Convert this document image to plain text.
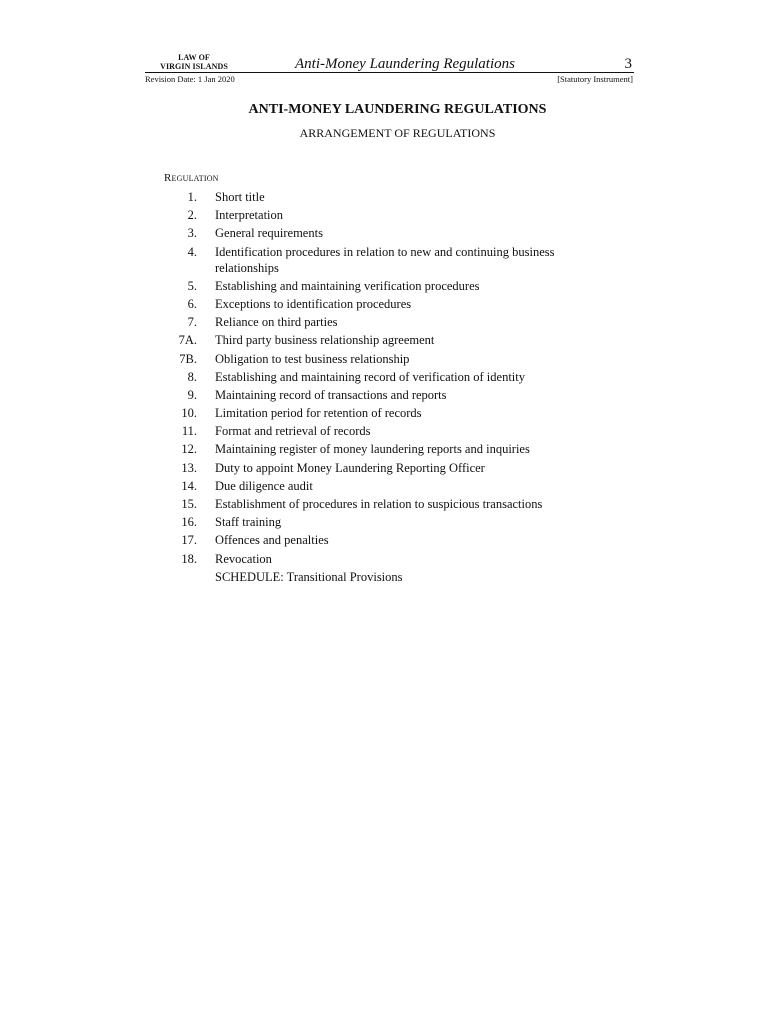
LAW OF
VIRGIN ISLANDS	Anti-Money Laundering Regulations	3
Revision Date: 1 Jan 2020	[Statutory Instrument]
ANTI-MONEY LAUNDERING REGULATIONS
ARRANGEMENT OF REGULATIONS
Regulation
1. Short title
2. Interpretation
3. General requirements
4. Identification procedures in relation to new and continuing business relationships
5. Establishing and maintaining verification procedures
6. Exceptions to identification procedures
7. Reliance on third parties
7A. Third party business relationship agreement
7B. Obligation to test business relationship
8. Establishing and maintaining record of verification of identity
9. Maintaining record of transactions and reports
10. Limitation period for retention of records
11. Format and retrieval of records
12. Maintaining register of money laundering reports and inquiries
13. Duty to appoint Money Laundering Reporting Officer
14. Due diligence audit
15. Establishment of procedures in relation to suspicious transactions
16. Staff training
17. Offences and penalties
18. Revocation
SCHEDULE: Transitional Provisions
